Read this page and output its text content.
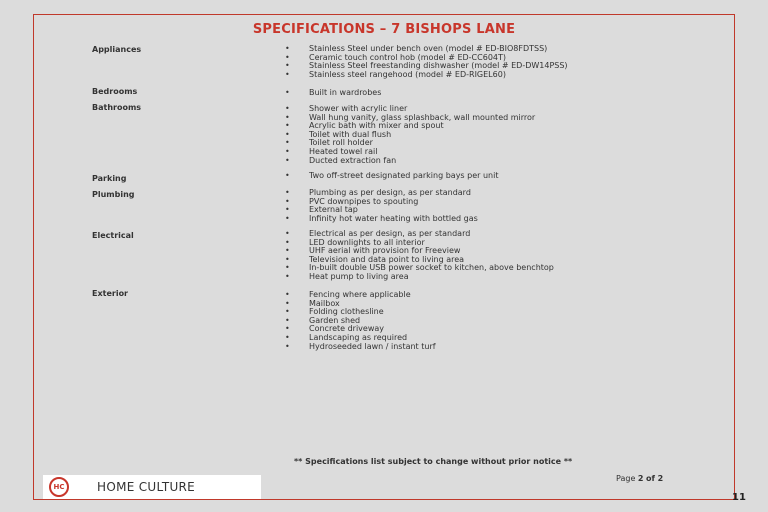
SPECIFICATIONS – 7 BISHOPS LANE
Appliances	• Stainless Steel under bench oven (model # ED-BIO8FDTSS)
• Ceramic touch control hob (model # ED-CC604T)
• Stainless Steel freestanding dishwasher (model # ED-DW14PSS)
• Stainless steel rangehood (model # ED-RIGEL60)
Bedrooms	• Built in wardrobes
Bathrooms	• Shower with acrylic liner
• Wall hung vanity, glass splashback, wall mounted mirror
• Acrylic bath with mixer and spout
• Toilet with dual flush
• Toilet roll holder
• Heated towel rail
• Ducted extraction fan
Parking	• Two off-street designated parking bays per unit
Plumbing	• Plumbing as per design, as per standard
• PVC downpipes to spouting
• External tap
• Infinity hot water heating with bottled gas
Electrical	• Electrical as per design, as per standard
• LED downlights to all interior
• UHF aerial with provision for Freeview
• Television and data point to living area
• In-built double USB power socket to kitchen, above benchtop
• Heat pump to living area
Exterior	• Fencing where applicable
• Mailbox
• Folding clothesline
• Garden shed
• Concrete driveway
• Landscaping as required
• Hydroseeded lawn / instant turf
** Specifications list subject to change without prior notice **
Page 2 of 2
HC	HOME CULTURE
11
